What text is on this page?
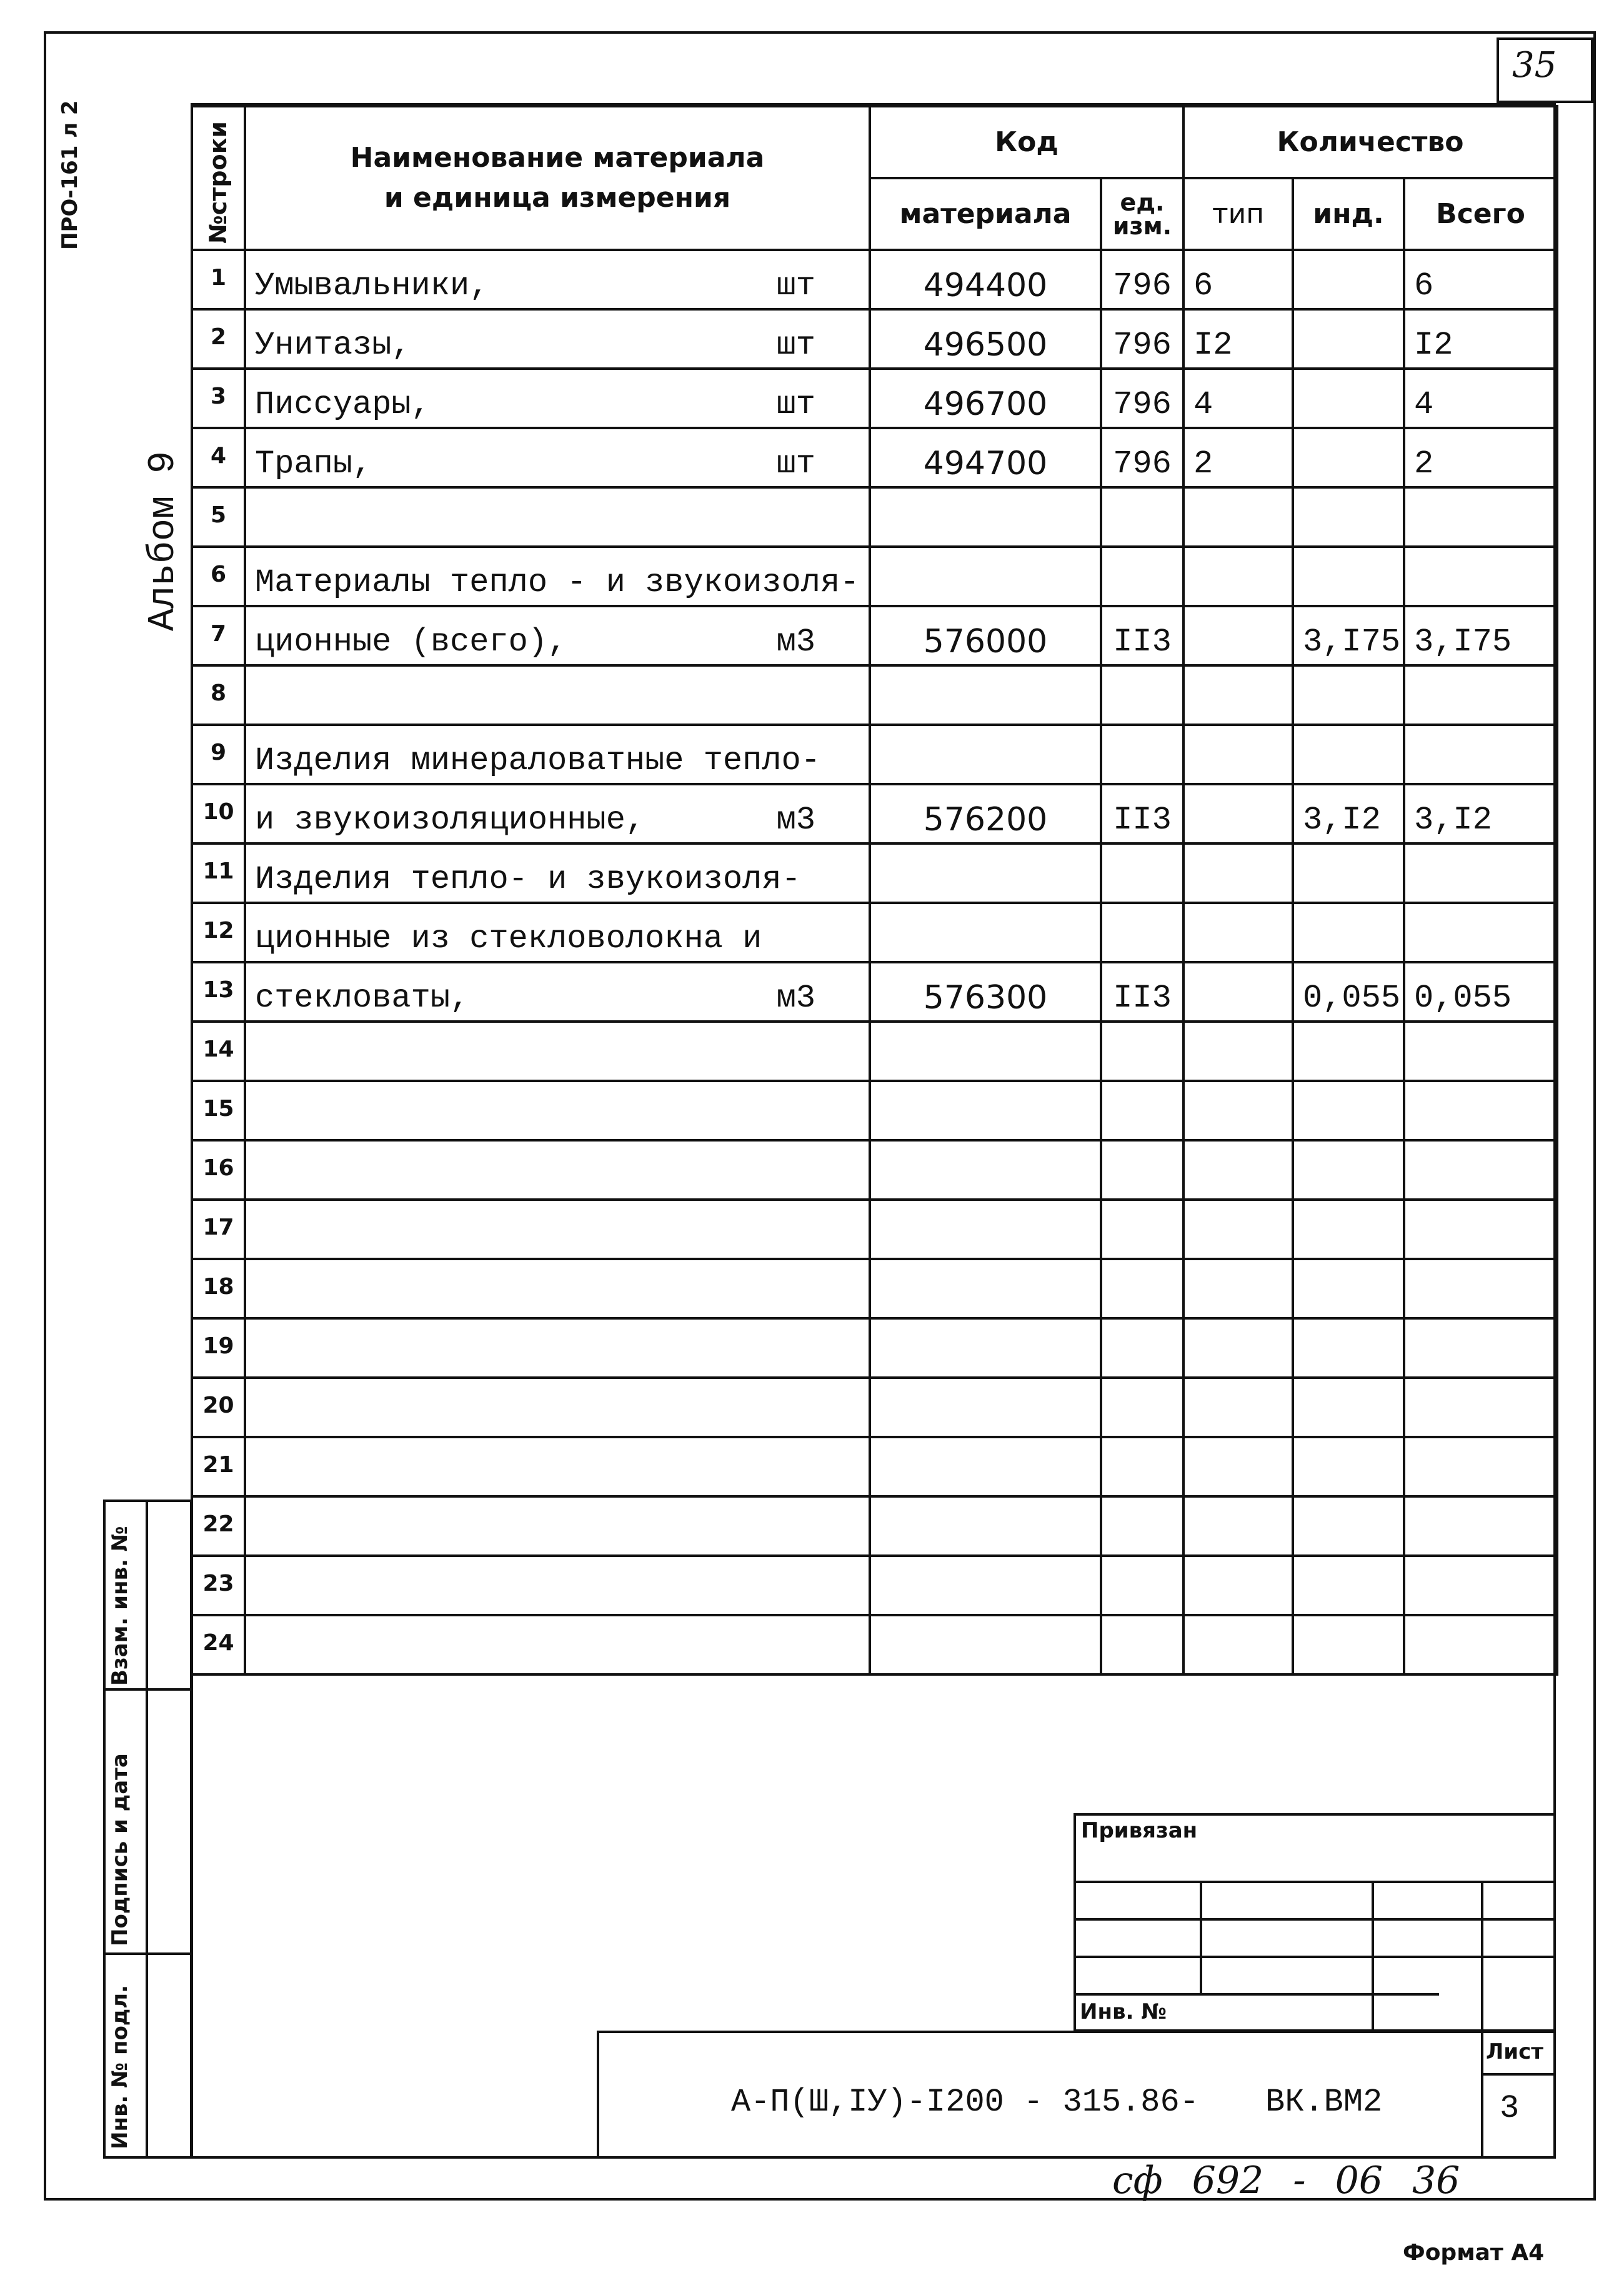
35
ПРО-161 л 2
Альбом 9
№строки	Наименование материала и единица измерения	Код		Количество		
		материала	ед. изм.	тип	инд.	Всего
1	Умывальники, шт	494400	796	6		6
2	Унитазы, шт	496500	796	I2		I2
3	Писсуары, шт	496700	796	4		4
4	Трапы, шт	494700	796	2		2
5	

6	Материалы тепло - и звукоизоля-					

7	ционные (всего), м3	576000	II3		3,I75	3,I75
8	

9	Изделия минераловатные тепло-					

10	и звукоизоляционные, м3	576200	II3		3,I2	3,I2
11	Изделия тепло- и звукоизоля-					

12	ционные из стекловолокна и					

13	стекловаты, м3	576300	II3		0,055	0,055
14	

15	

16	

17	

18	

19	

20	

21	

22	

23	

24	

Взам. инв. №
Подпись и дата
Инв. № подл.
Привязан
Инв. №
А-П(Ш,IУ)-I200 - 315.86- ВК.ВМ2
Лист
3
сф 692 - 06 36
Формат А4
